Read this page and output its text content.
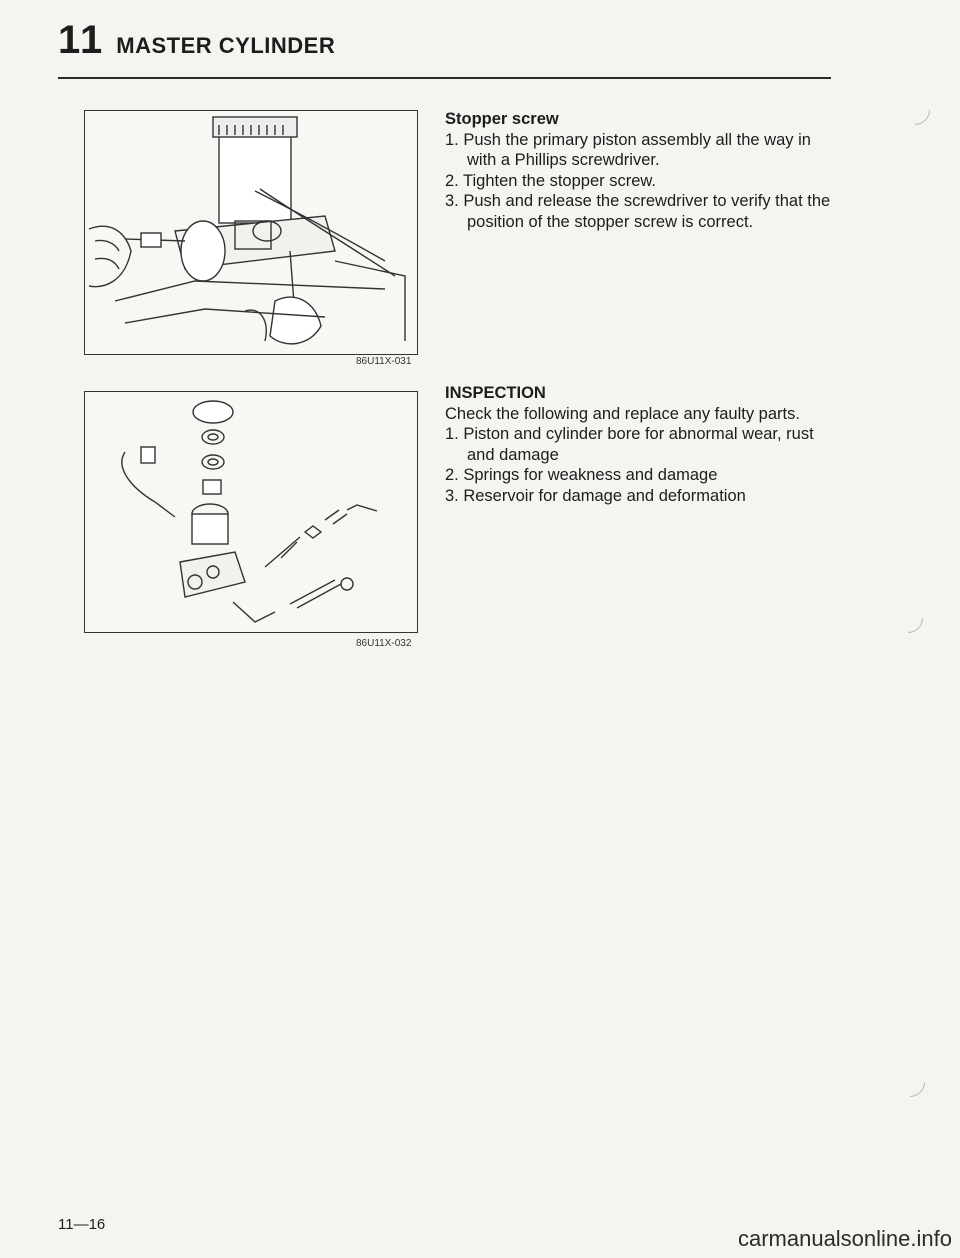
11 MASTER CYLINDER
86U11X-031
86U11X-032
Stopper screw
1. Push the primary piston assembly all the way in with a Phillips screwdriver.
2. Tighten the stopper screw.
3. Push and release the screwdriver to verify that the position of the stopper screw is correct.
INSPECTION

Check the following and replace any faulty parts.

1. Piston and cylinder bore for abnormal wear, rust and damage
2. Springs for weakness and damage
3. Reservoir for damage and deformation
11—16
carmanualsonline.info
